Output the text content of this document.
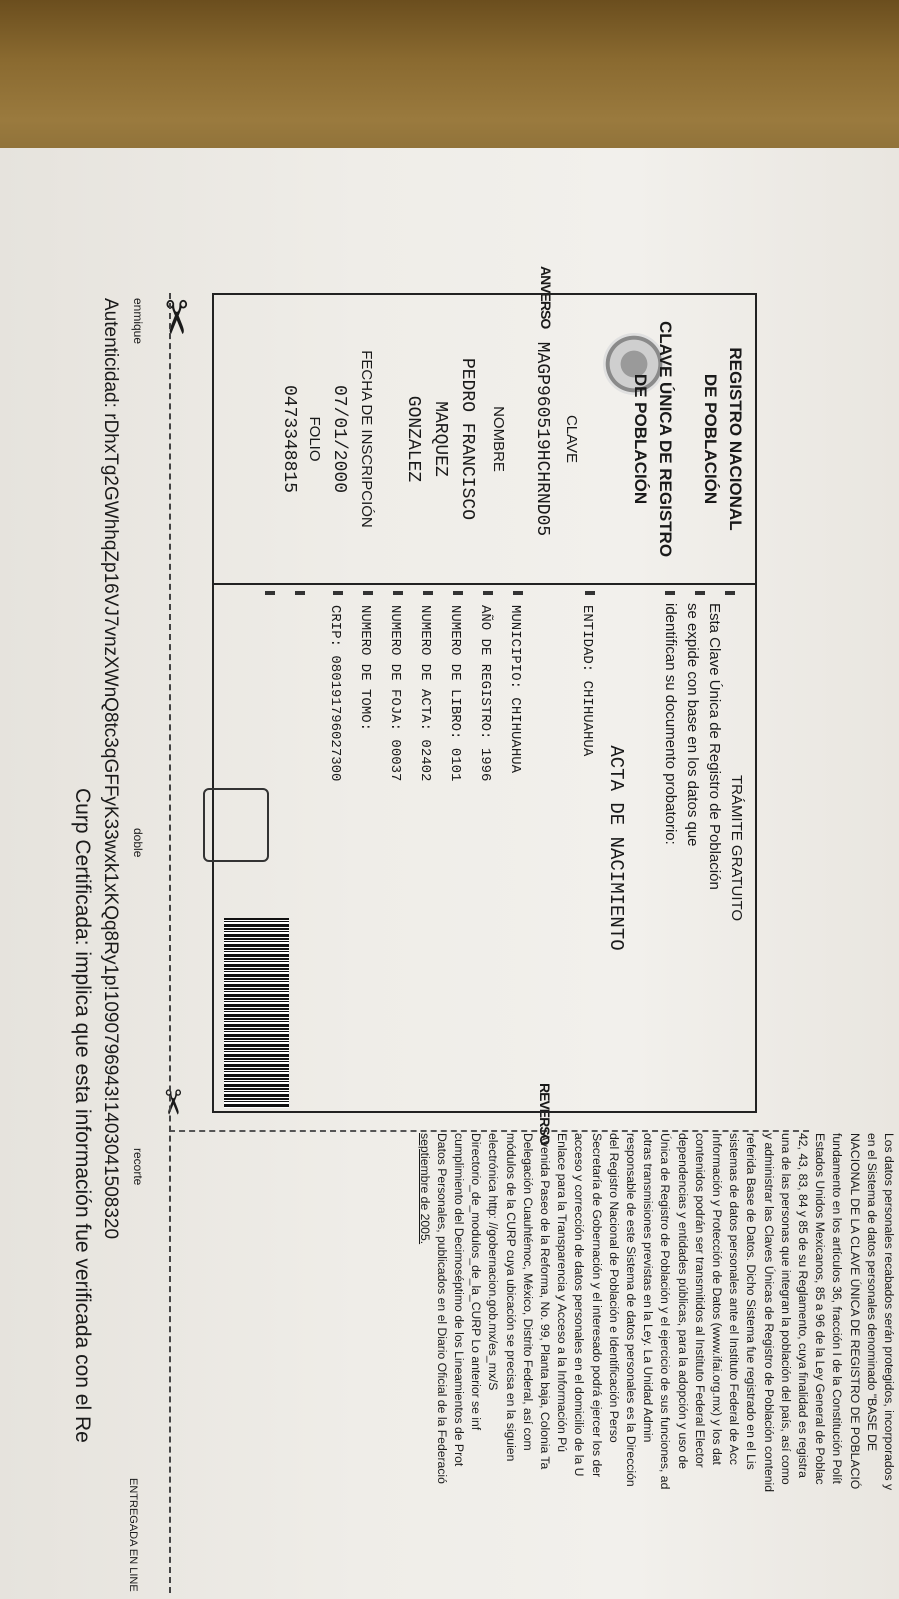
Los datos personales recabados serán protegidos, incorporados y

en el Sistema de datos personales denominado "BASE DE

NACIONAL DE LA CLAVE ÚNICA DE REGISTRO DE POBLACIÓ

fundamento en los artículos 36, fracción I de la Constitución Polít

Estados Unidos Mexicanos, 85 a 96 de la Ley General de Poblac

42, 43, 83, 84 y 85 de su Reglamento, cuya finalidad es registra

una de las personas que integran la población del país, así como

y administrar las Claves Únicas de Registro de Población contenid

referida Base de Datos. Dicho Sistema fue registrado en el Lis

sistemas de datos personales ante el Instituto Federal de Acc

Información y Protección de Datos (www.ifai.org.mx) y los dat

contenidos podrán ser transmitidos al Instituto Federal Elector

dependencias y entidades públicas, para la adopción y uso de

Única de Registro de Población y el ejercicio de sus funciones, ad

otras transmisiones previstas en la Ley. La Unidad Admin

responsable de este Sistema de datos personales es la Dirección

del Registro Nacional de Población e Identificación Perso

Secretaría de Gobernación y el interesado podrá ejercer los der

acceso y corrección de datos personales en el domicilio de la U

Enlace para la Transparencia y Acceso a la Información Pú

Avenida Paseo de la Reforma, No. 99, Planta baja, Colonia Ta

Delegación Cuauhtémoc, México, Distrito Federal, así com

módulos de la CURP cuya ubicación se precisa en la siguien

electrónica http: //gobernacion.gob.mx/es_mx/S

Directorio_de_modulos_de_la_CURP Lo anterior se inf

cumplimiento del Decimoséptimo de los Lineamientos de Prot

Datos Personales, publicados en el Diario Oficial de la Federació

septiembre de 2005.

ANVERSO
REVERSO
REGISTRO NACIONAL
DE POBLACIÓN
CLAVE ÚNICA DE REGISTRO
DE POBLACIÓN
CLAVE
MAGP960519HCHRND05
NOMBRE
PEDRO FRANCISCO
MARQUEZ
GONZALEZ
FECHA DE INSCRIPCIÓN
07/01/2000
FOLIO
0473348815
TRÁMITE GRATUITO
Esta Clave Única de Registro de Población se expide con base en los datos que identifican su documento probatorio:
ACTA DE NACIMIENTO
ENTIDAD: CHIHUAHUA
MUNICIPIO: CHIHUAHUA
AÑO DE REGISTRO: 1996
NUMERO DE LIBRO: 0101
NUMERO DE ACTA: 02402
NUMERO DE FOJA: 00037
NUMERO DE TOMO:
CRIP: 080191796027300
✂
✂
enmique
doble
recorte
ENTREGADA EN LINE
Autenticidad: rDhxTg2GWhhqZp16VJ7vnzXWnQ8tc3qGFFyK33wxk1xKQq8Ry1p!1090796943!1403041508320
Curp Certificada: implica que esta información fue verificada con el Re
